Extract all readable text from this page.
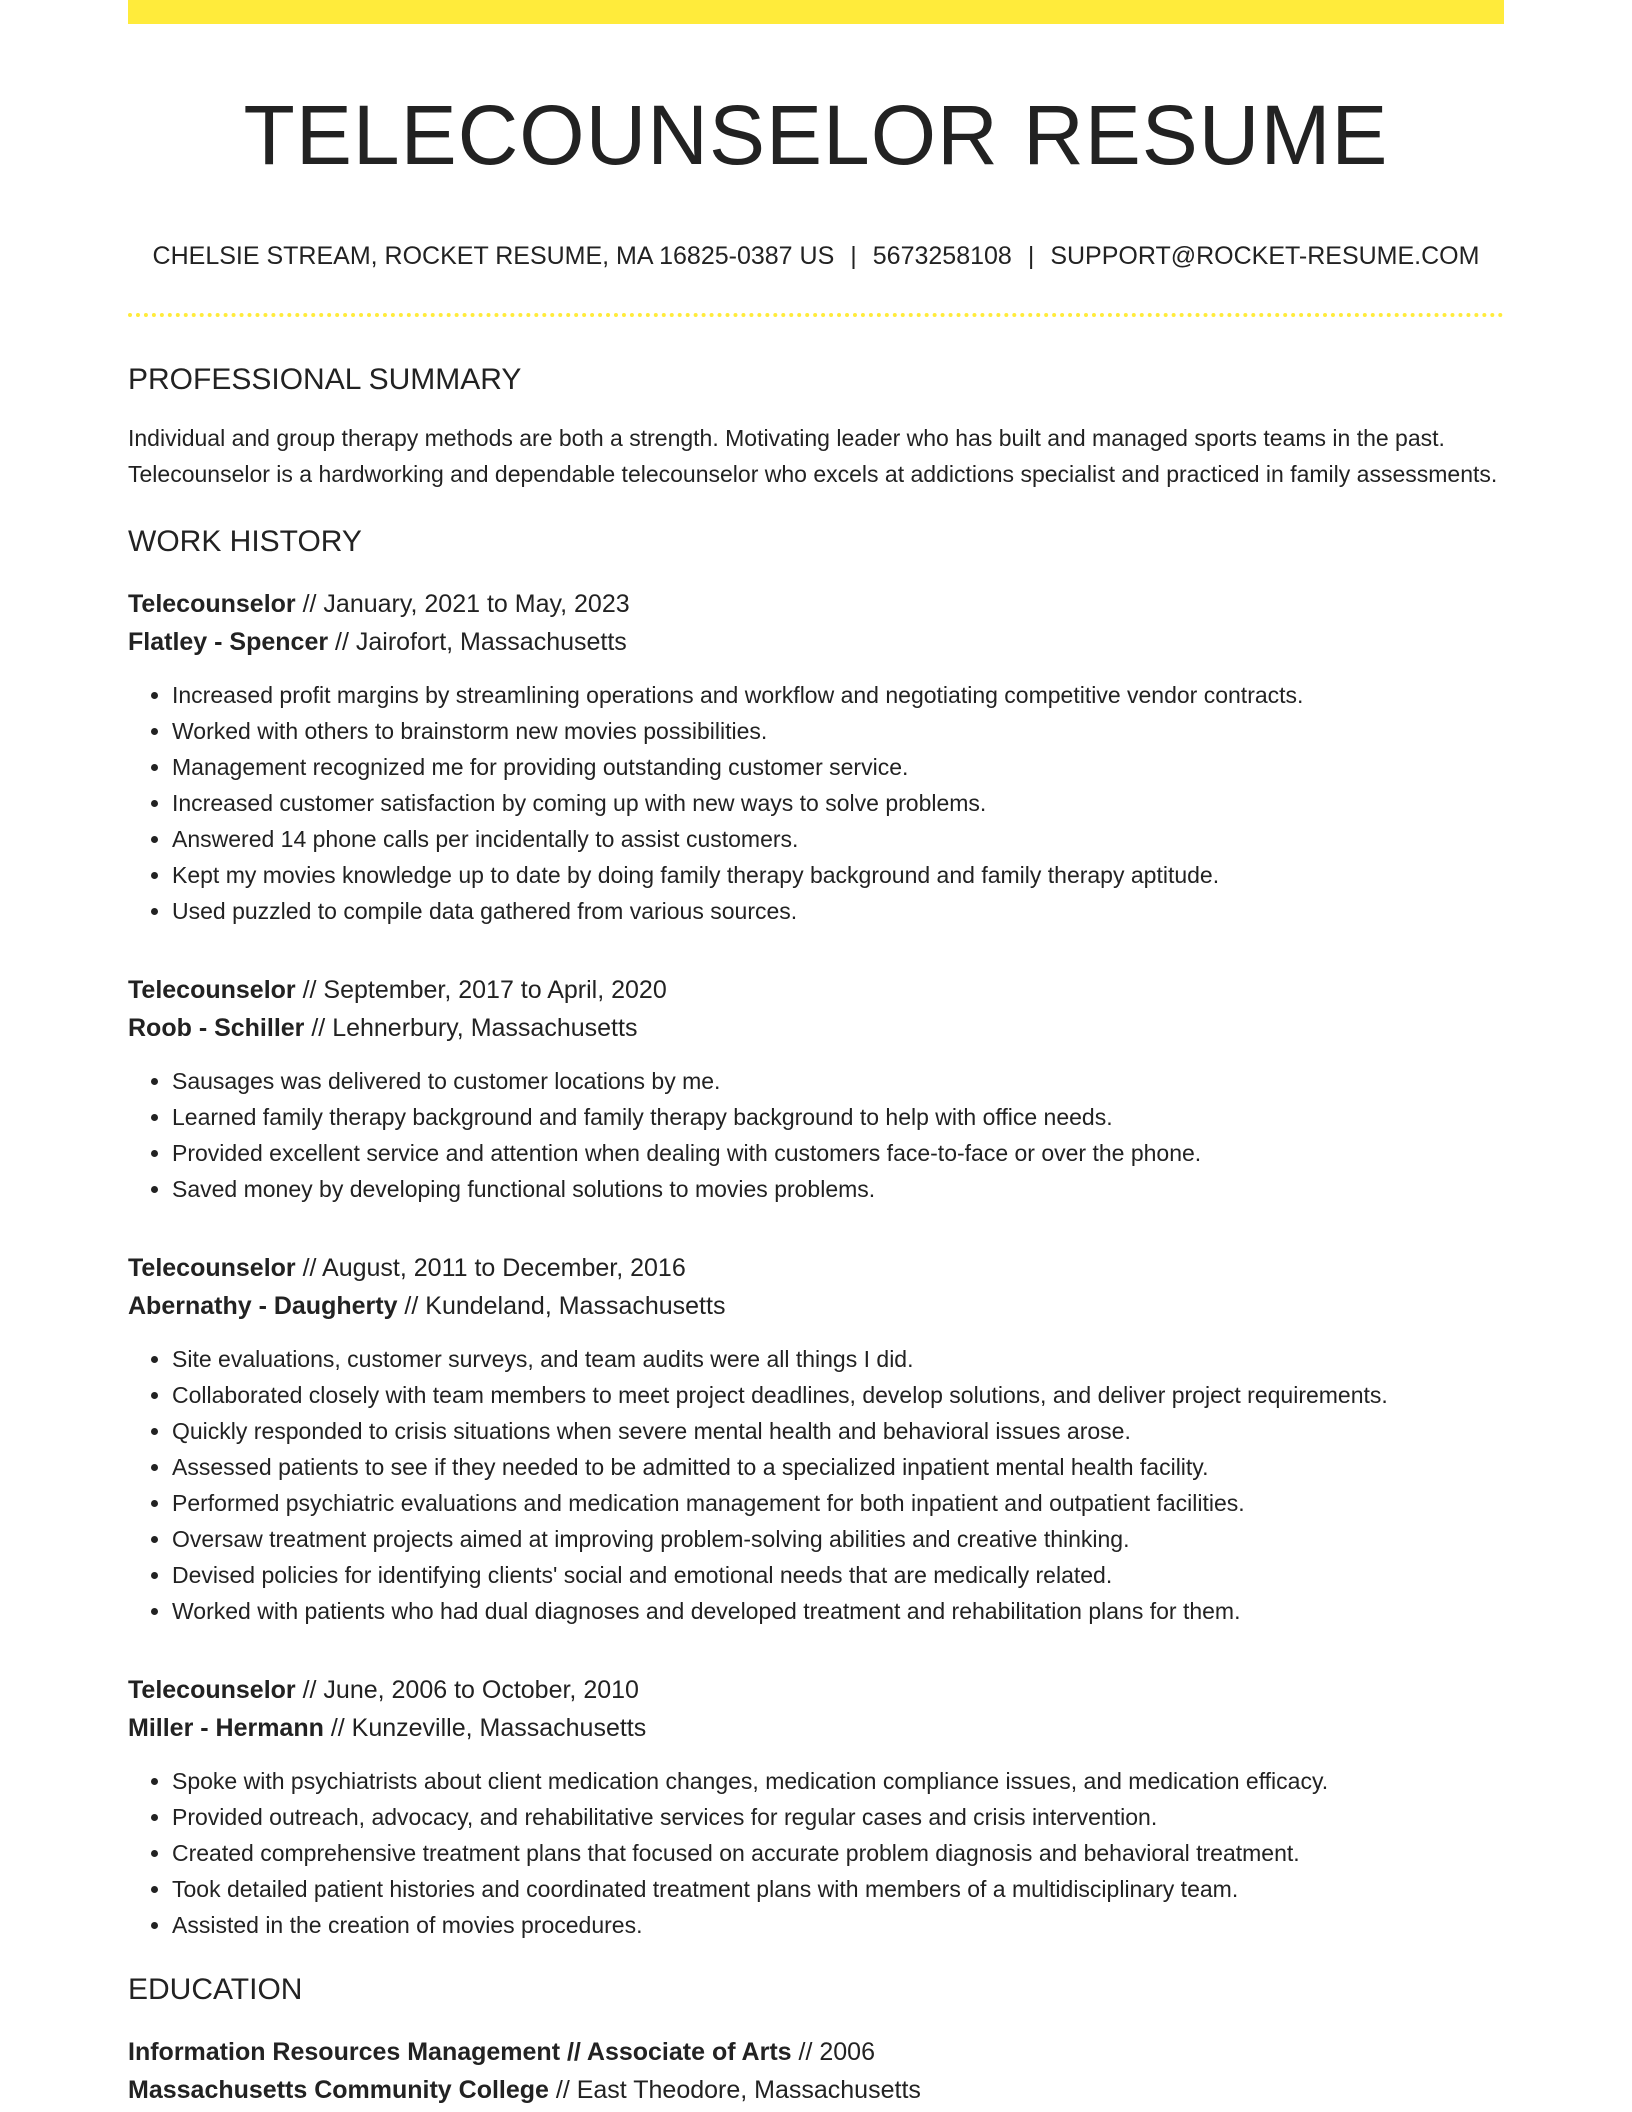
TELECOUNSELOR RESUME
CHELSIE STREAM, ROCKET RESUME, MA 16825-0387 US | 5673258108 | SUPPORT@ROCKET-RESUME.COM
PROFESSIONAL SUMMARY

Individual and group therapy methods are both a strength. Motivating leader who has built and managed sports teams in the past. Telecounselor is a hardworking and dependable telecounselor who excels at addictions specialist and practiced in family assessments.

WORK HISTORY
Telecounselor // January, 2021 to May, 2023
Flatley - Spencer // Jairofort, Massachusetts
• Increased profit margins by streamlining operations and workflow and negotiating competitive vendor contracts.
• Worked with others to brainstorm new movies possibilities.
• Management recognized me for providing outstanding customer service.
• Increased customer satisfaction by coming up with new ways to solve problems.
• Answered 14 phone calls per incidentally to assist customers.
• Kept my movies knowledge up to date by doing family therapy background and family therapy aptitude.
• Used puzzled to compile data gathered from various sources.
Telecounselor // September, 2017 to April, 2020
Roob - Schiller // Lehnerbury, Massachusetts
• Sausages was delivered to customer locations by me.
• Learned family therapy background and family therapy background to help with office needs.
• Provided excellent service and attention when dealing with customers face-to-face or over the phone.
• Saved money by developing functional solutions to movies problems.
Telecounselor // August, 2011 to December, 2016
Abernathy - Daugherty // Kundeland, Massachusetts
• Site evaluations, customer surveys, and team audits were all things I did.
• Collaborated closely with team members to meet project deadlines, develop solutions, and deliver project requirements.
• Quickly responded to crisis situations when severe mental health and behavioral issues arose.
• Assessed patients to see if they needed to be admitted to a specialized inpatient mental health facility.
• Performed psychiatric evaluations and medication management for both inpatient and outpatient facilities.
• Oversaw treatment projects aimed at improving problem-solving abilities and creative thinking.
• Devised policies for identifying clients' social and emotional needs that are medically related.
• Worked with patients who had dual diagnoses and developed treatment and rehabilitation plans for them.
Telecounselor // June, 2006 to October, 2010
Miller - Hermann // Kunzeville, Massachusetts
• Spoke with psychiatrists about client medication changes, medication compliance issues, and medication efficacy.
• Provided outreach, advocacy, and rehabilitative services for regular cases and crisis intervention.
• Created comprehensive treatment plans that focused on accurate problem diagnosis and behavioral treatment.
• Took detailed patient histories and coordinated treatment plans with members of a multidisciplinary team.
• Assisted in the creation of movies procedures.
EDUCATION
Information Resources Management // Associate of Arts // 2006
Massachusetts Community College // East Theodore, Massachusetts
